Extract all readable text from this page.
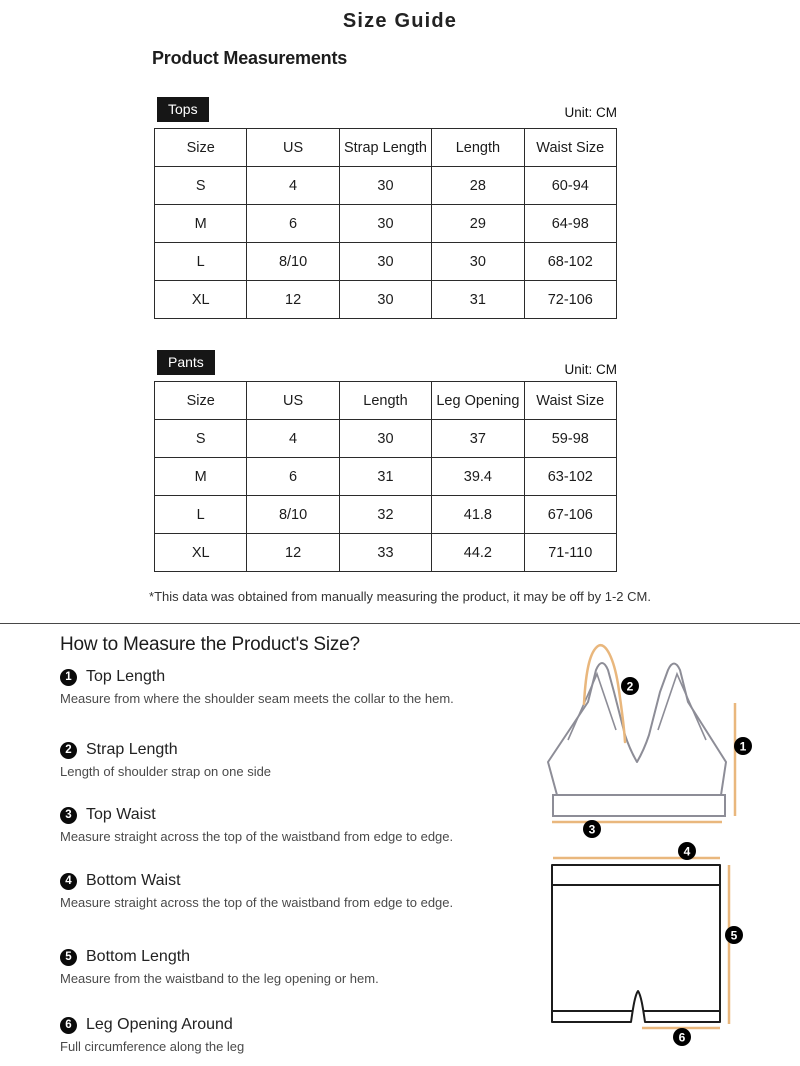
Size Guide
Product Measurements
Tops	Unit: CM
Size	US	Strap Length	Length	Waist Size
S	4	30	28	60-94
M	6	30	29	64-98
L	8/10	30	30	68-102
XL	12	30	31	72-106
Pants	Unit: CM
Size	US	Length	Leg Opening	Waist Size
S	4	30	37	59-98
M	6	31	39.4	63-102
L	8/10	32	41.8	67-106
XL	12	33	44.2	71-110
*This data was obtained from manually measuring the product, it may be off by 1-2 CM.
How to Measure the Product's Size?
1 Top Length
Measure from where the shoulder seam meets the collar to the hem.
2 Strap Length
Length of shoulder strap on one side
3 Top Waist
Measure straight across the top of the waistband from edge to edge.
4 Bottom Waist
Measure straight across the top of the waistband from edge to edge.
5 Bottom Length
Measure from the waistband to the leg opening or hem.
6 Leg Opening Around
Full circumference along the leg
1
2
3
4
5
6
